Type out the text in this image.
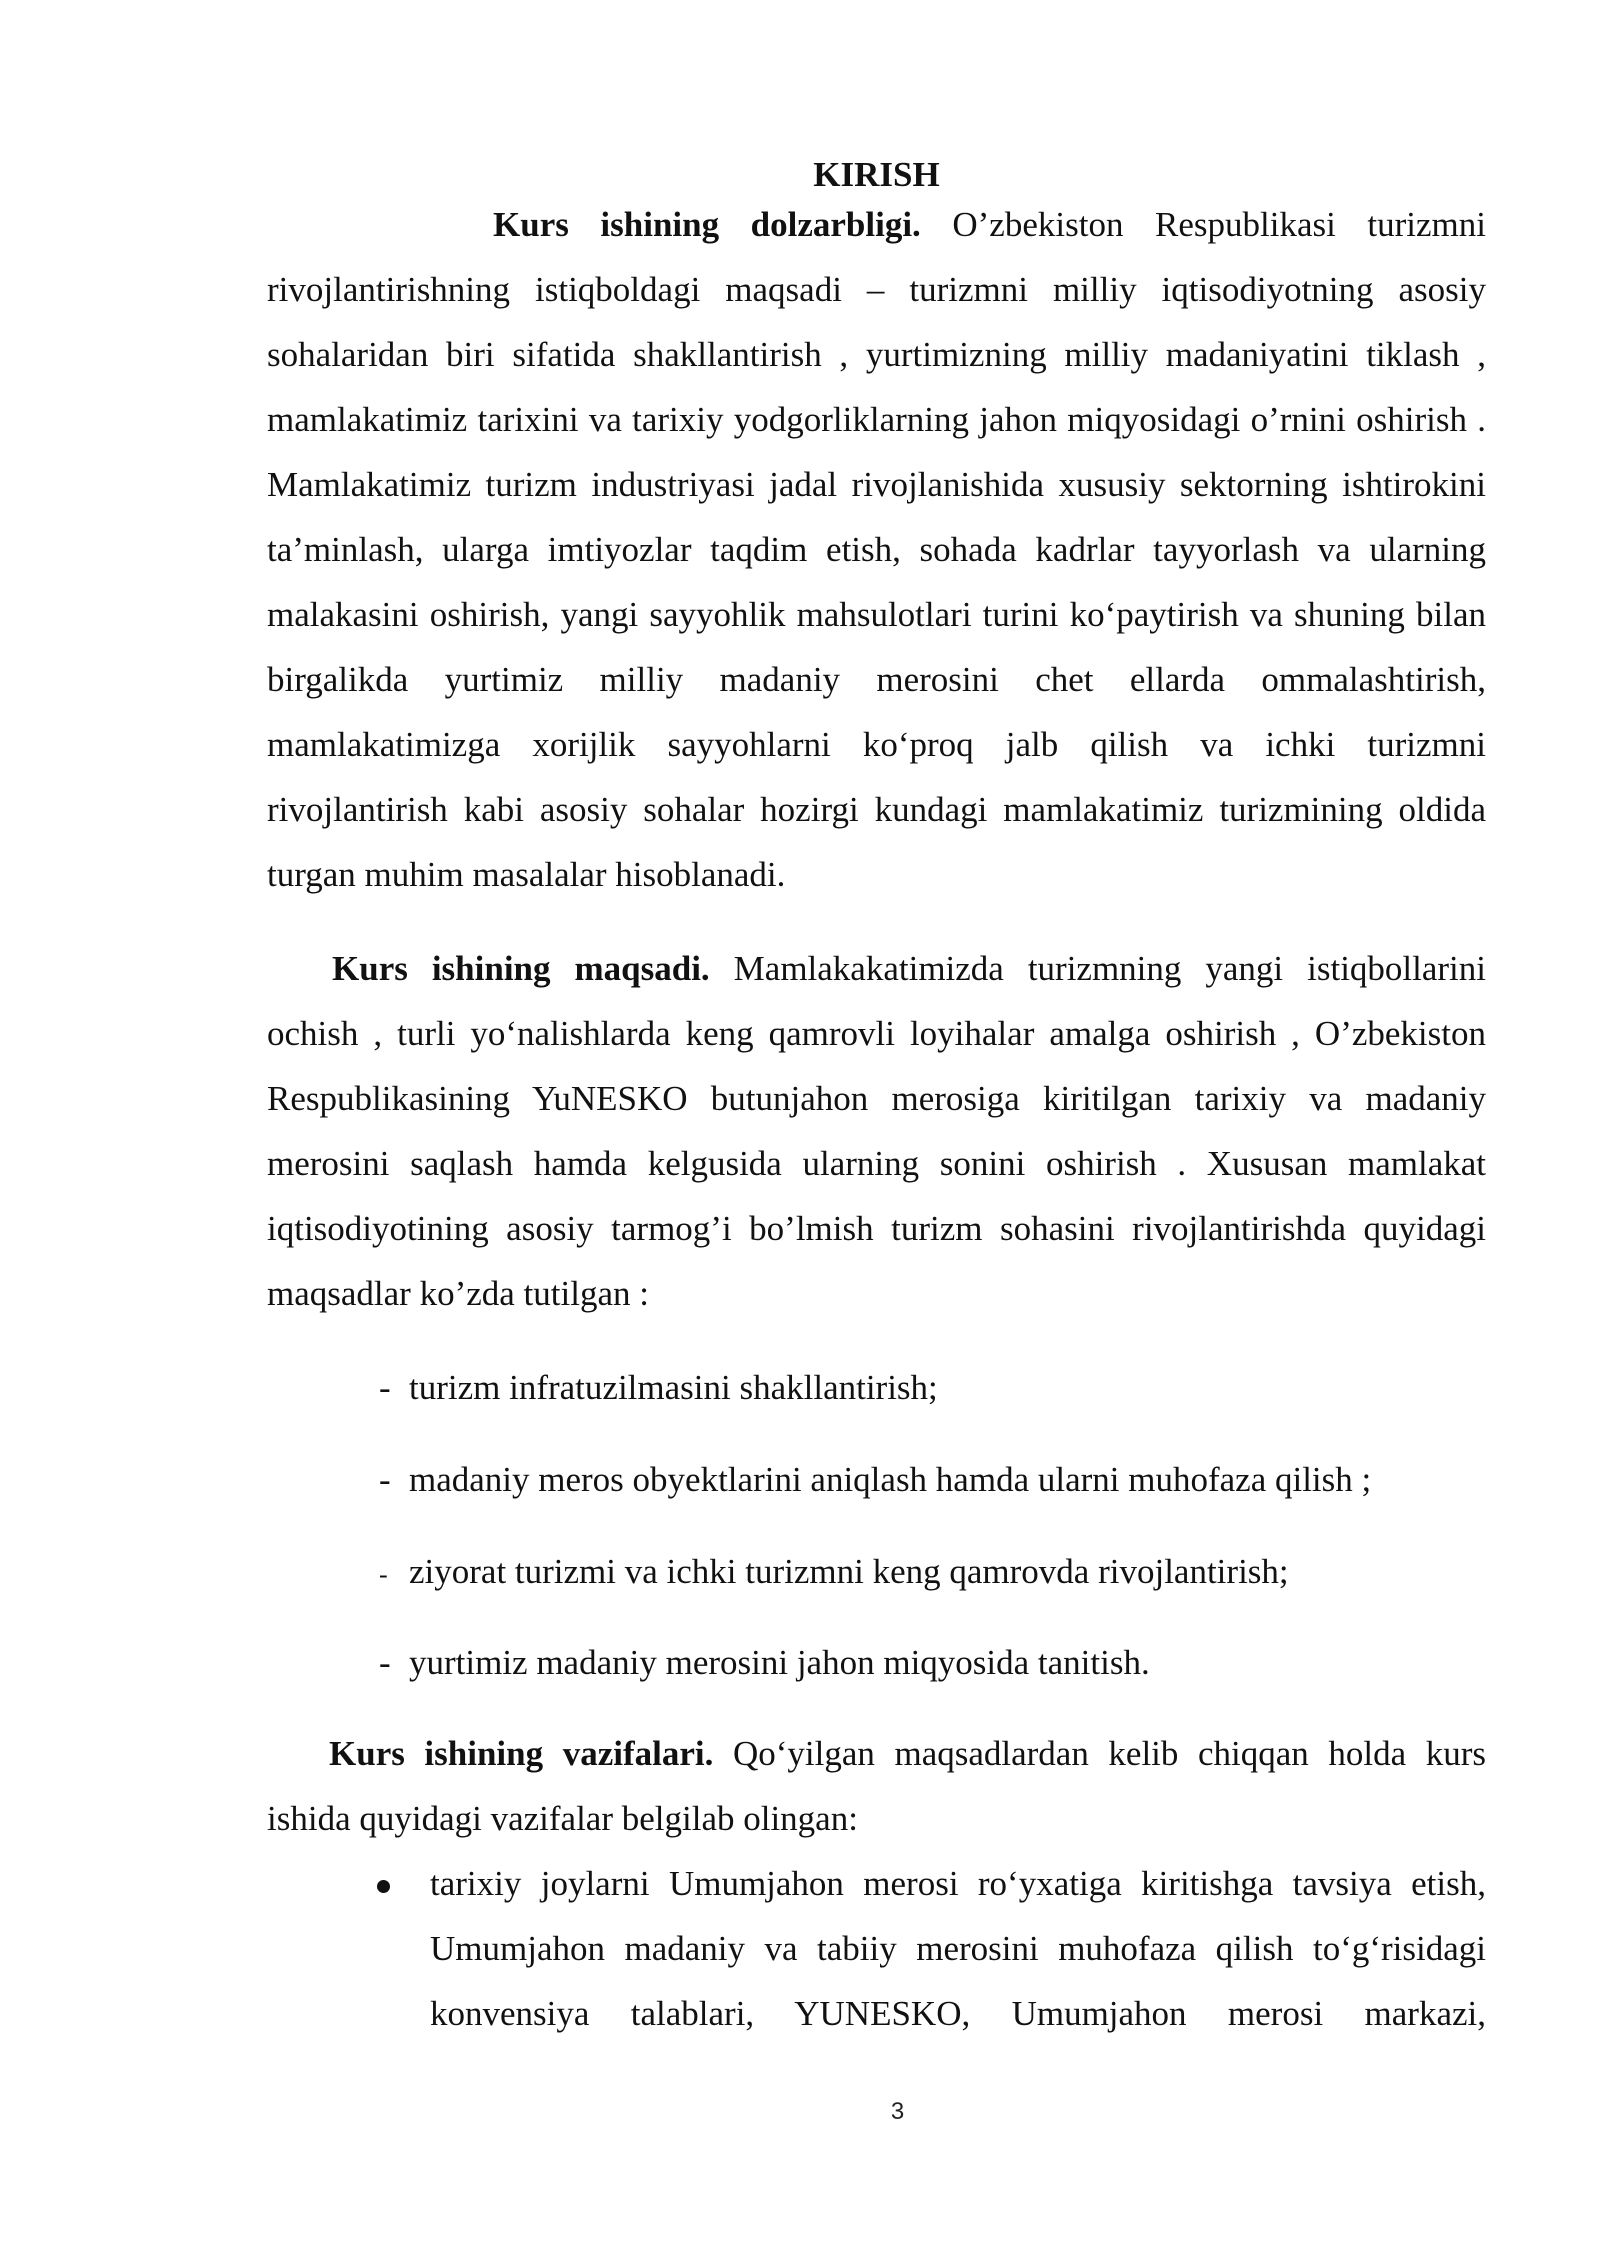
KIRISH

Kurs ishining dolzarbligi. O’zbekiston Respublikasi turizmni rivojlantirishning istiqboldagi maqsadi – turizmni milliy iqtisodiyotning asosiy sohalaridan biri sifatida shakllantirish , yurtimizning milliy madaniyatini tiklash , mamlakatimiz tarixini va tarixiy yodgorliklarning jahon miqyosidagi o’rnini oshirish . Mamlakatimiz turizm industriyasi jadal rivojlanishida xususiy sektorning ishtirokini ta’minlash, ularga imtiyozlar taqdim etish, sohada kadrlar tayyorlash va ularning malakasini oshirish, yangi sayyohlik mahsulotlari turini koʻpaytirish va shuning bilan birgalikda yurtimiz milliy madaniy merosini chet ellarda ommalashtirish, mamlakatimizga xorijlik sayyohlarni koʻproq jalb qilish va ichki turizmni rivojlantirish kabi asosiy sohalar hozirgi kundagi mamlakatimiz turizmining oldida turgan muhim masalalar hisoblanadi.

Kurs ishining maqsadi. Mamlakakatimizda turizmning yangi istiqbollarini ochish , turli yoʻnalishlarda keng qamrovli loyihalar amalga oshirish , O’zbekiston Respublikasining YuNESKO butunjahon merosiga kiritilgan tarixiy va madaniy merosini saqlash hamda kelgusida ularning sonini oshirish . Xususan mamlakat iqtisodiyotining asosiy tarmog’i bo’lmish turizm sohasini rivojlantirishda quyidagi maqsadlar ko’zda tutilgan :

- turizm infratuzilmasini shakllantirish;
- madaniy meros obyektlarini aniqlash hamda ularni muhofaza qilish ;
- ziyorat turizmi va ichki turizmni keng qamrovda rivojlantirish;
- yurtimiz madaniy merosini jahon miqyosida tanitish.

Kurs ishining vazifalari. Qoʻyilgan maqsadlardan kelib chiqqan holda kurs ishida quyidagi vazifalar belgilab olingan:

tarixiy joylarni Umumjahon merosi roʻyxatiga kiritishga tavsiya etish, Umumjahon madaniy va tabiiy merosini muhofaza qilish toʻgʻrisidagi konvensiya talablari, YUNESKO, Umumjahon merosi markazi,
3
